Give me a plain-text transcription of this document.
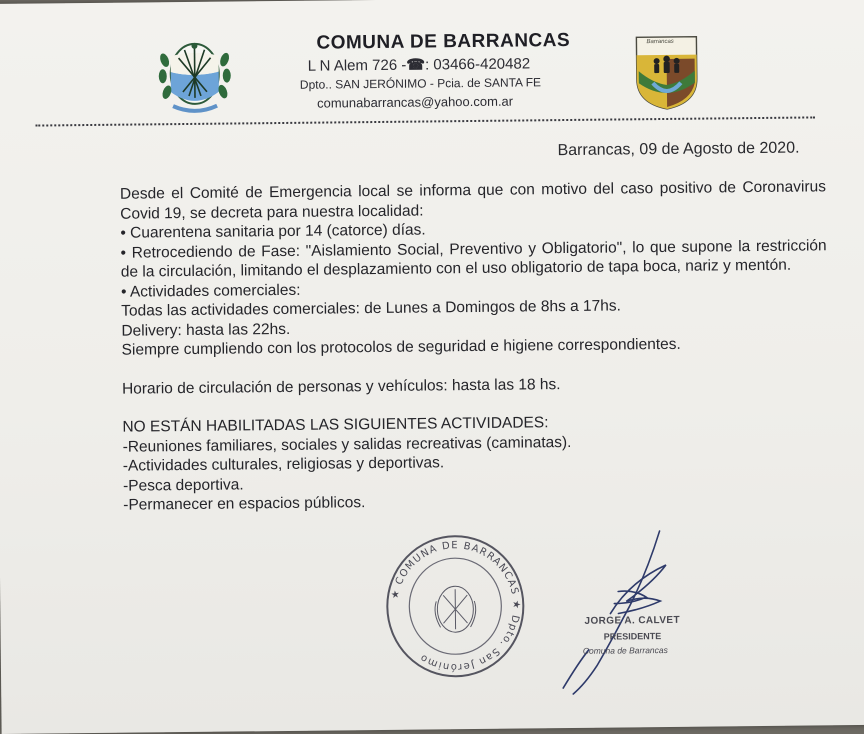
COMUNA DE BARRANCAS
L N Alem 726 -☎: 03466-420482
Dpto.. SAN JERÓNIMO - Pcia. de SANTA FE
comunabarrancas@yahoo.com.ar
Barrancas
Barrancas, 09 de Agosto de 2020.

Desde el Comité de Emergencia local se informa que con motivo del caso positivo de Coronavirus Covid 19, se decreta para nuestra localidad:

• Cuarentena sanitaria por 14 (catorce) días.

• Retrocediendo de Fase: "Aislamiento Social, Preventivo y Obligatorio", lo que supone la restricción de la circulación, limitando el desplazamiento con el uso obligatorio de tapa boca, nariz y mentón.

• Actividades comerciales:

Todas las actividades comerciales: de Lunes a Domingos de 8hs a 17hs.

Delivery: hasta las 22hs.

Siempre cumpliendo con los protocolos de seguridad e higiene correspondientes.

Horario de circulación de personas y vehículos: hasta las 18 hs.

NO ESTÁN HABILITADAS LAS SIGUIENTES ACTIVIDADES:

-Reuniones familiares, sociales y salidas recreativas (caminatas).

-Actividades culturales, religiosas y deportivas.

-Pesca deportiva.

-Permanecer en espacios públicos.

★ COMUNA DE BARRANCAS ★ Dpto. San Jerónimo
JORGE A. CALVET
PRESIDENTE
Comuna de Barrancas
